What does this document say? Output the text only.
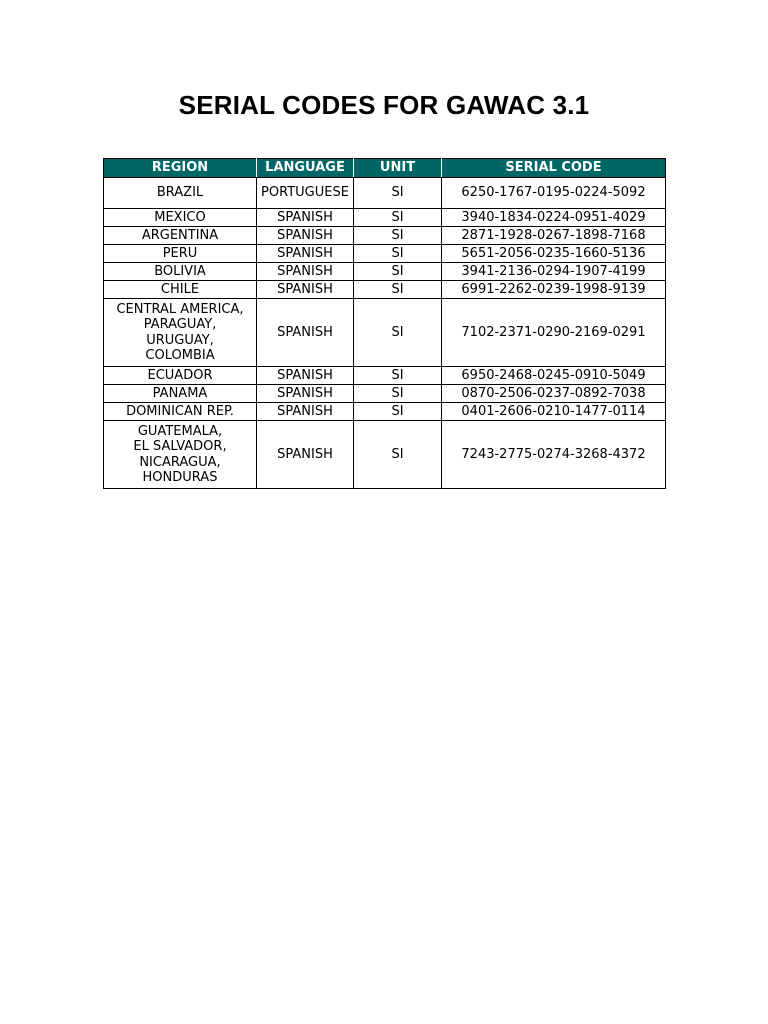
SERIAL CODES FOR GAWAC 3.1
REGION	LANGUAGE	UNIT	SERIAL CODE
BRAZIL	PORTUGUESE	SI	6250-1767-0195-0224-5092
MEXICO	SPANISH	SI	3940-1834-0224-0951-4029
ARGENTINA	SPANISH	SI	2871-1928-0267-1898-7168
PERU	SPANISH	SI	5651-2056-0235-1660-5136
BOLIVIA	SPANISH	SI	3941-2136-0294-1907-4199
CHILE	SPANISH	SI	6991-2262-0239-1998-9139
CENTRAL AMERICA,
PARAGUAY,
URUGUAY,
COLOMBIA	SPANISH	SI	7102-2371-0290-2169-0291
ECUADOR	SPANISH	SI	6950-2468-0245-0910-5049
PANAMA	SPANISH	SI	0870-2506-0237-0892-7038
DOMINICAN REP.	SPANISH	SI	0401-2606-0210-1477-0114
GUATEMALA,
EL SALVADOR,
NICARAGUA,
HONDURAS	SPANISH	SI	7243-2775-0274-3268-4372
